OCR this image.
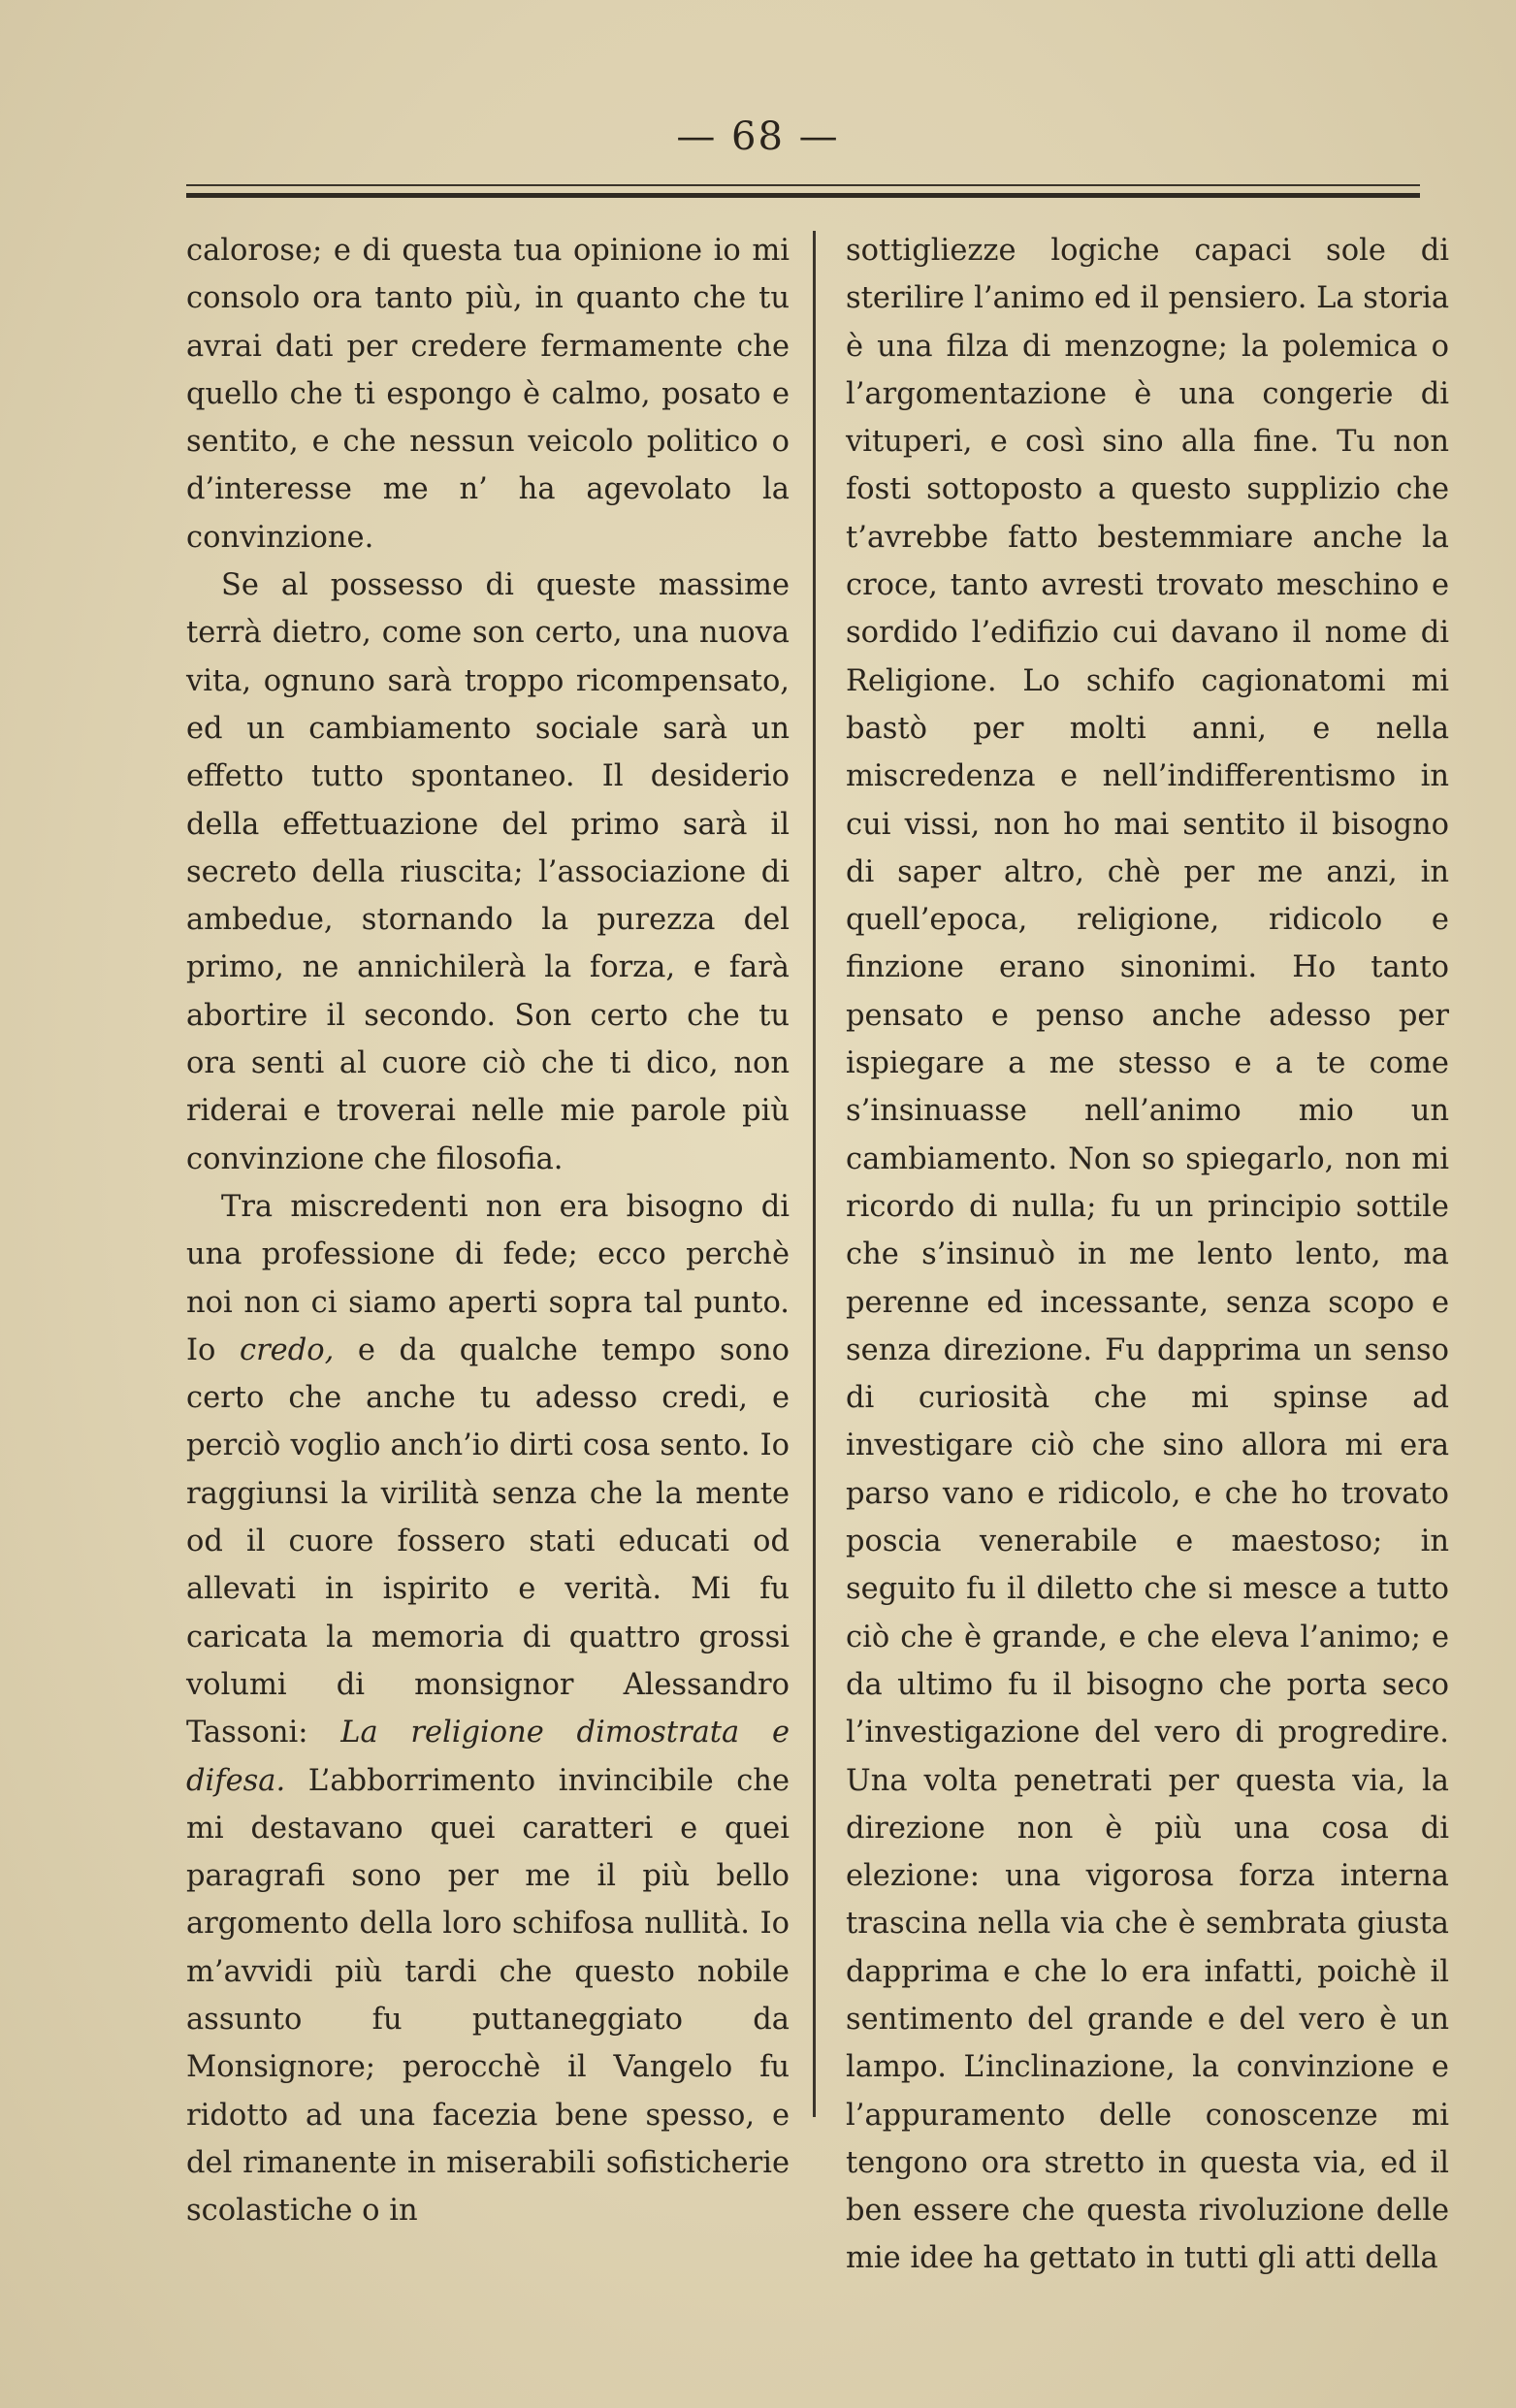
— 68 —

calorose; e di questa tua opinione io mi consolo ora tanto più, in quanto che tu avrai dati per credere fermamente che quello che ti espongo è calmo, posato e sentito, e che nessun veicolo politico o d’interesse me n’ ha agevolato la convinzione.

Se al possesso di queste massime terrà dietro, come son certo, una nuova vita, ognuno sarà troppo ricompensato, ed un cambiamento sociale sarà un effetto tutto spontaneo. Il desiderio della effettuazione del primo sarà il secreto della riuscita; l’associazione di ambedue, stornando la purezza del primo, ne annichilerà la forza, e farà abortire il secondo. Son certo che tu ora senti al cuore ciò che ti dico, non riderai e troverai nelle mie parole più convinzione che filosofia.

Tra miscredenti non era bisogno di una professione di fede; ecco perchè noi non ci siamo aperti sopra tal punto. Io credo, e da qualche tempo sono certo che anche tu adesso credi, e perciò voglio anch’io dirti cosa sento. Io raggiunsi la virilità senza che la mente od il cuore fossero stati educati od allevati in ispirito e verità. Mi fu caricata la memoria di quattro grossi volumi di monsignor Alessandro Tassoni: La religione dimostrata e difesa. L’abborrimento invincibile che mi destavano quei caratteri e quei paragrafi sono per me il più bello argomento della loro schifosa nullità. Io m’avvidi più tardi che questo nobile assunto fu puttaneggiato da Monsignore; perocchè il Vangelo fu ridotto ad una facezia bene spesso, e del rimanente in miserabili sofisticherie scolastiche o in

sottigliezze logiche capaci sole di sterilire l’animo ed il pensiero. La storia è una filza di menzogne; la polemica o l’argomentazione è una congerie di vituperi, e così sino alla fine. Tu non fosti sottoposto a questo supplizio che t’avrebbe fatto bestemmiare anche la croce, tanto avresti trovato meschino e sordido l’edifizio cui davano il nome di Religione. Lo schifo cagionatomi mi bastò per molti anni, e nella miscredenza e nell’indifferentismo in cui vissi, non ho mai sentito il bisogno di saper altro, chè per me anzi, in quell’epoca, religione, ridicolo e finzione erano sinonimi. Ho tanto pensato e penso anche adesso per ispiegare a me stesso e a te come s’insinuasse nell’animo mio un cambiamento. Non so spiegarlo, non mi ricordo di nulla; fu un principio sottile che s’insinuò in me lento lento, ma perenne ed incessante, senza scopo e senza direzione. Fu dapprima un senso di curiosità che mi spinse ad investigare ciò che sino allora mi era parso vano e ridicolo, e che ho trovato poscia venerabile e maestoso; in seguito fu il diletto che si mesce a tutto ciò che è grande, e che eleva l’animo; e da ultimo fu il bisogno che porta seco l’investigazione del vero di progredire. Una volta penetrati per questa via, la direzione non è più una cosa di elezione: una vigorosa forza interna trascina nella via che è sembrata giusta dapprima e che lo era infatti, poichè il sentimento del grande e del vero è un lampo. L’inclinazione, la convinzione e l’appuramento delle conoscenze mi tengono ora stretto in questa via, ed il ben essere che questa rivoluzione delle mie idee ha gettato in tutti gli atti della
